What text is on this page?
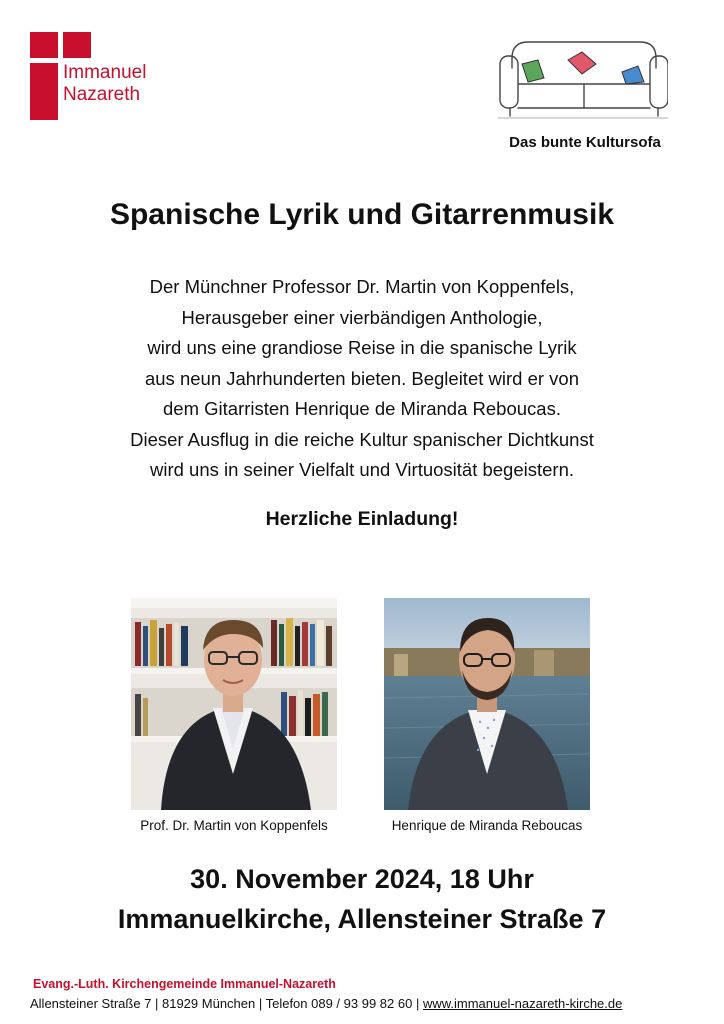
Immanuel
Nazareth
Das bunte Kultursofa
Spanische Lyrik und Gitarrenmusik
Der Münchner Professor Dr. Martin von Koppenfels,
Herausgeber einer vierbändigen Anthologie,
wird uns eine grandiose Reise in die spanische Lyrik
aus neun Jahrhunderten bieten. Begleitet wird er von
dem Gitarristen Henrique de Miranda Reboucas.
Dieser Ausflug in die reiche Kultur spanischer Dichtkunst
wird uns in seiner Vielfalt und Virtuosität begeistern.
Herzliche Einladung!
Prof. Dr. Martin von Koppenfels	Henrique de Miranda Reboucas
30. November 2024, 18 Uhr
Immanuelkirche, Allensteiner Straße 7
Evang.-Luth. Kirchengemeinde Immanuel-Nazareth
Allensteiner Straße 7 | 81929 München | Telefon 089 / 93 99 82 60 | www.immanuel-nazareth-kirche.de
